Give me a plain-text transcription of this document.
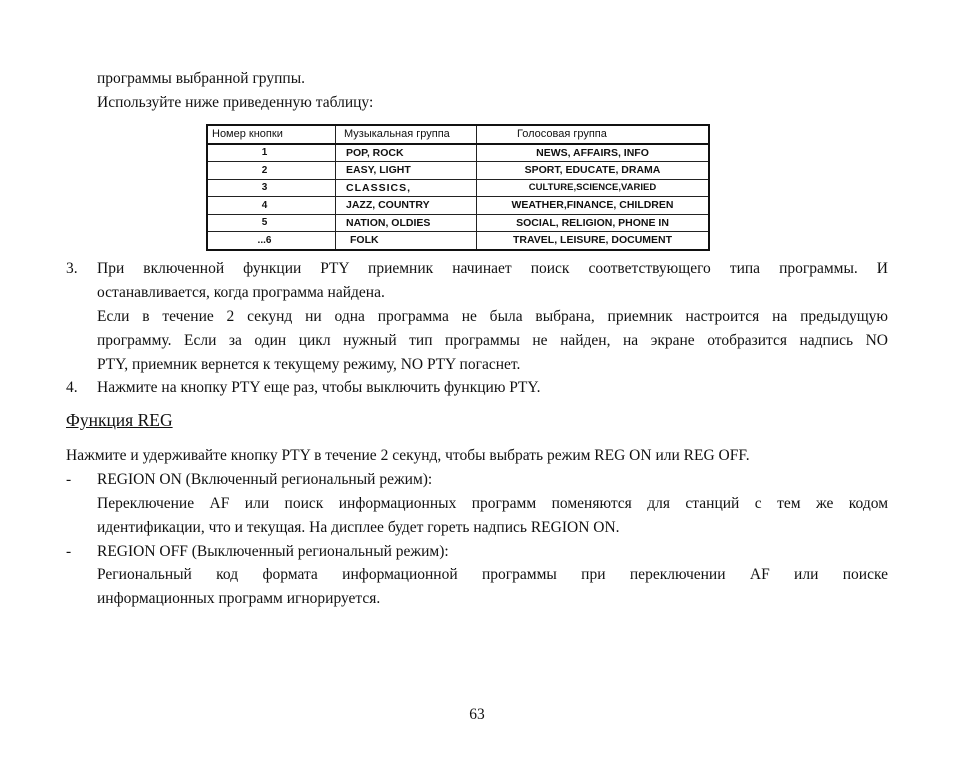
программы выбранной группы.
Используйте ниже приведенную таблицу:
Номер кнопки	Музыкальная группа	Голосовая группа
1	POP, ROCK	NEWS, AFFAIRS, INFO
2	EASY, LIGHT	SPORT, EDUCATE, DRAMA
3	CLASSICS,	CULTURE,SCIENCE,VARIED
4	JAZZ, COUNTRY	WEATHER,FINANCE, CHILDREN
5	NATION, OLDIES	SOCIAL, RELIGION, PHONE IN
...6	FOLK	TRAVEL, LEISURE, DOCUMENT
3. При включенной функции PTY приемник начинает поиск соответствующего типа программы. И
останавливается, когда программа найдена.
Если в течение 2 секунд ни одна программа не была выбрана, приемник настроится на предыдущую
программу. Если за один цикл нужный тип программы не найден, на экране отобразится надпись NO
PTY, приемник вернется к текущему режиму, NO PTY погаснет.
4. Нажмите на кнопку PTY еще раз, чтобы выключить функцию PTY.
Функция REG
Нажмите и удерживайте кнопку PTY в течение 2 секунд, чтобы выбрать режим REG ON или REG OFF.
- REGION ON (Включенный региональный режим):
Переключение AF или поиск информационных программ поменяются для станций с тем же кодом
идентификации, что и текущая. На дисплее будет гореть надпись REGION ON.
- REGION OFF (Выключенный региональный режим):
Региональный код формата информационной программы при переключении AF или поиске
информационных программ игнорируется.
63
